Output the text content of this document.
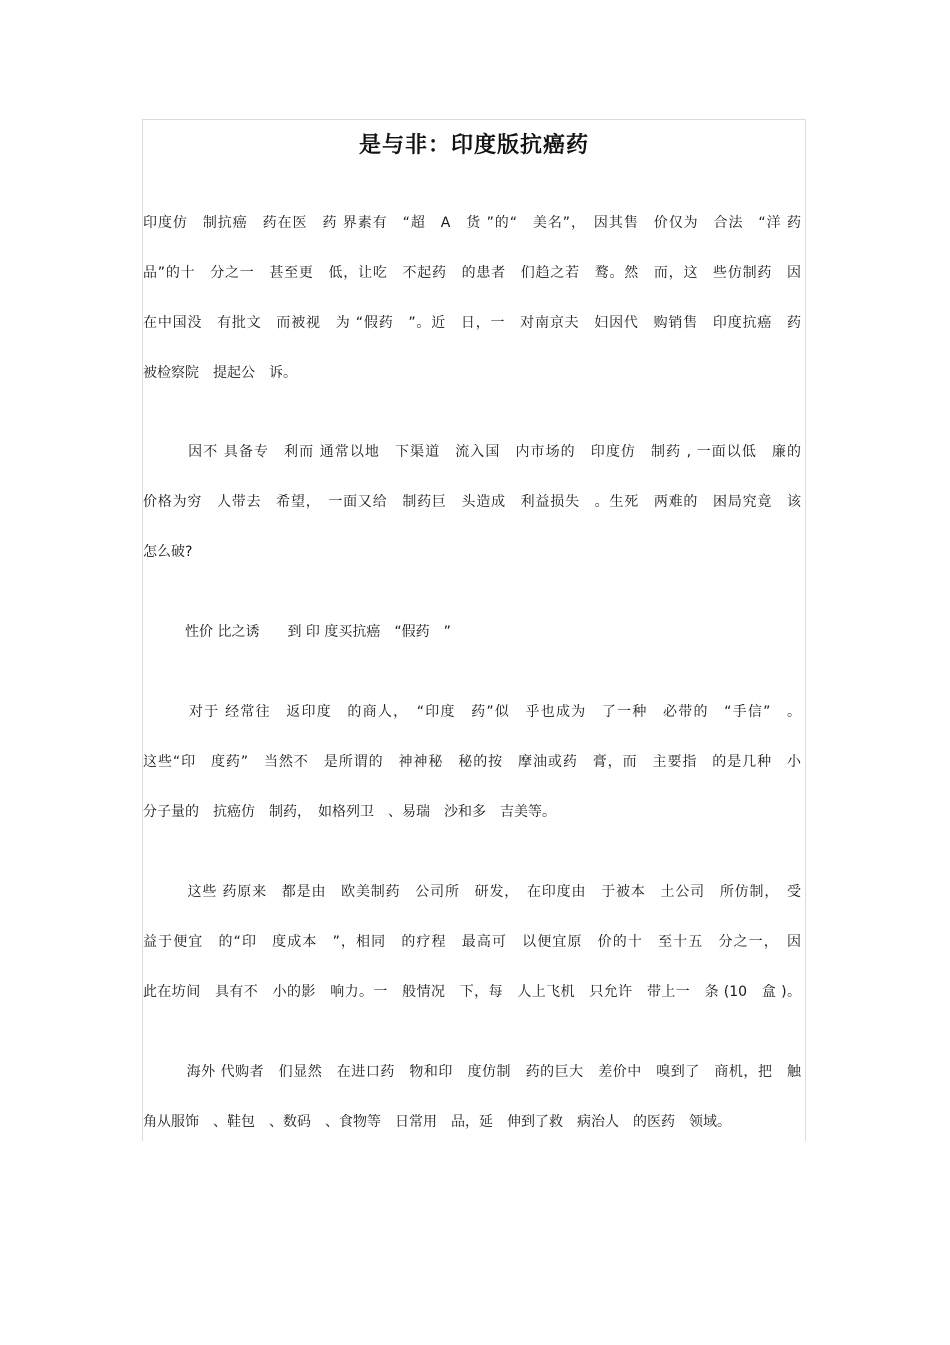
是与非：印度版抗癌药

印度仿　制抗癌　药在医　药 界素有　“超　A　货 ”的“　美名”，　因其售　价仅为　合法　“洋 药

品”的十　分之一　甚至更　低，让吃　不起药　的患者　们趋之若　鹜。然　而，这　些仿制药　因

在中国没　有批文　而被视　为 “假药　”。近　日，一　对南京夫　妇因代　购销售　印度抗癌　药

被检察院　提起公　诉。

　　　因不 具备专　利而 通常以地　下渠道　流入国　内市场的　印度仿　制药 , 一面以低　廉的

价格为穷　人带去　希望，　一面又给　制药巨　头造成　利益损失　。生死　两难的　困局究竟　该

怎么破?

　　　性价 比之诱　　到 印 度买抗癌　“假药　”

　　　对于 经常往　返印度　的商人，　“印度　药”似　乎也成为　了一种　必带的　“手信”　。

这些“印　度药”　当然不　是所谓的　神神秘　秘的按　摩油或药　膏，而　主要指　的是几种　小

分子量的　抗癌仿　制药，　如格列卫　、易瑞　沙和多　吉美等。

　　　这些 药原来　都是由　欧美制药　公司所　研发，　在印度由　于被本　土公司　所仿制，　受

益于便宜　的“印　度成本　”，相同　的疗程　最高可　以便宜原　价的十　至十五　分之一，　因

此在坊间　具有不　小的影　响力。一　般情况　下，每　人上飞机　只允许　带上一　条 (10　盒 )。

　　　海外 代购者　们显然　在进口药　物和印　度仿制　药的巨大　差价中　嗅到了　商机，把　触

角从服饰　、鞋包　、数码　、食物等　日常用　品，延　伸到了救　病治人　的医药　领域。
